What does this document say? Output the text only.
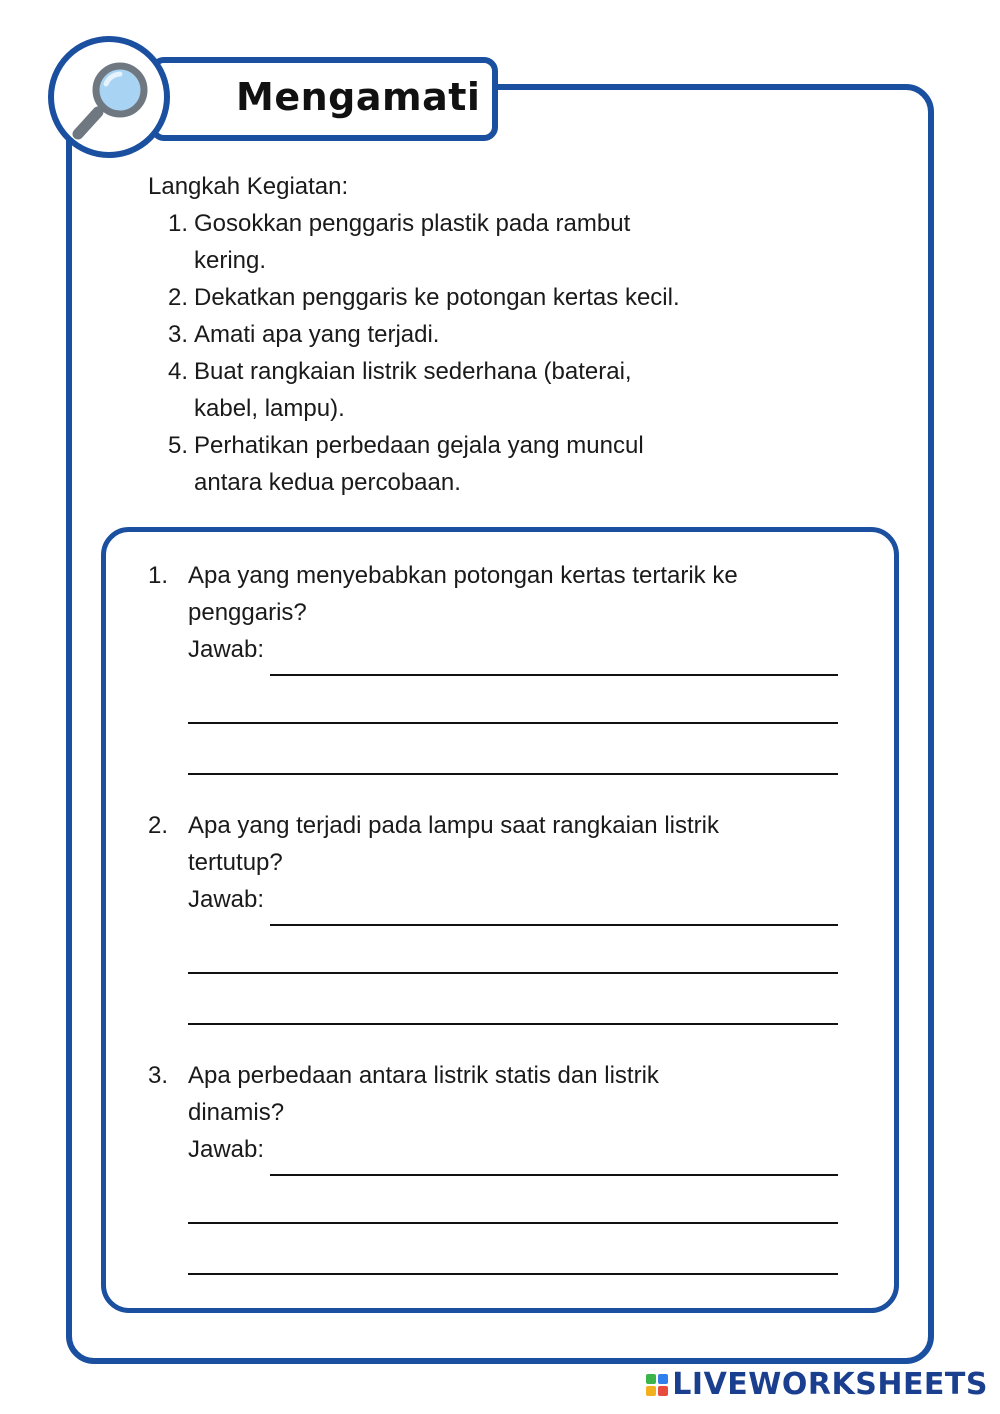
Mengamati
Langkah Kegiatan:
1. Gosokkan penggaris plastik pada rambut
kering.
2. Dekatkan penggaris ke potongan kertas kecil.
3. Amati apa yang terjadi.
4. Buat rangkaian listrik sederhana (baterai,
kabel, lampu).
5. Perhatikan perbedaan gejala yang muncul
antara kedua percobaan.
1. Apa yang menyebabkan potongan kertas tertarik ke
penggaris?
Jawab:
2. Apa yang terjadi pada lampu saat rangkaian listrik
tertutup?
Jawab:
3. Apa perbedaan antara listrik statis dan listrik
dinamis?
Jawab:
LIVEWORKSHEETS
